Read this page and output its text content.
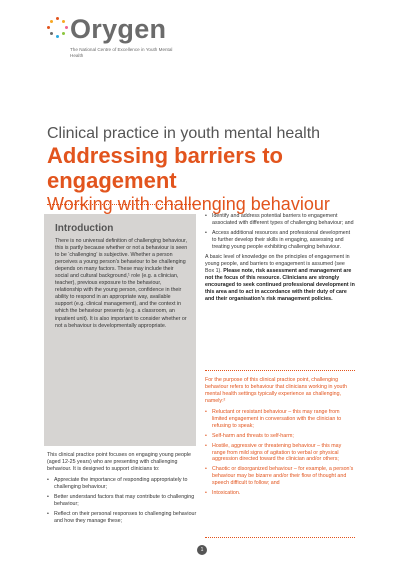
Orygen
The National Centre of Excellence in Youth Mental Health
Clinical practice in youth mental health
Addressing barriers to engagement
Working with challenging behaviour
Introduction
There is no universal definition of challenging behaviour, this is partly because whether or not a behaviour is seen to be ‘challenging’ is subjective. Whether a person perceives a young person’s behaviour to be challenging depends on many factors. These may include their social and cultural background,¹ role (e.g. a clinician, teacher), previous exposure to the behaviour, relationship with the young person, confidence in their ability to respond in an appropriate way, available support (e.g. clinical management), and the context in which the behaviour presents (e.g. a classroom, an inpatient unit). It is also important to consider whether or not a behaviour is developmentally appropriate.

This clinical practice point focuses on engaging young people (aged 12-25 years) who are presenting with challenging behaviour. It is designed to support clinicians to:

• Appreciate the importance of responding appropriately to challenging behaviour;
• Better understand factors that may contribute to challenging behaviour;
• Reflect on their personal responses to challenging behaviour and how they manage these;
• Identify and address potential barriers to engagement associated with different types of challenging behaviour; and
• Access additional resources and professional development to further develop their skills in engaging, assessing and treating young people exhibiting challenging behaviour.

A basic level of knowledge on the principles of engagement in young people, and barriers to engagement is assumed (see Box 1). Please note, risk assessment and management are not the focus of this resource. Clinicians are strongly encouraged to seek continued professional development in this area and to act in accordance with their duty of care and their organisation’s risk management policies.

For the purpose of this clinical practice point, challenging behaviour refers to behaviour that clinicians working in youth mental health settings typically experience as challenging, namely:²

• Reluctant or resistant behaviour – this may range from limited engagement in conversation with the clinician to refusing to speak;
• Self-harm and threats to self-harm;
• Hostile, aggressive or threatening behaviour – this may range from mild signs of agitation to verbal or physical aggression directed toward the clinician and/or others;
• Chaotic or disorganized behaviour – for example, a person’s behaviour may be bizarre and/or their flow of thought and speech difficult to follow; and
• Intoxication.
1
